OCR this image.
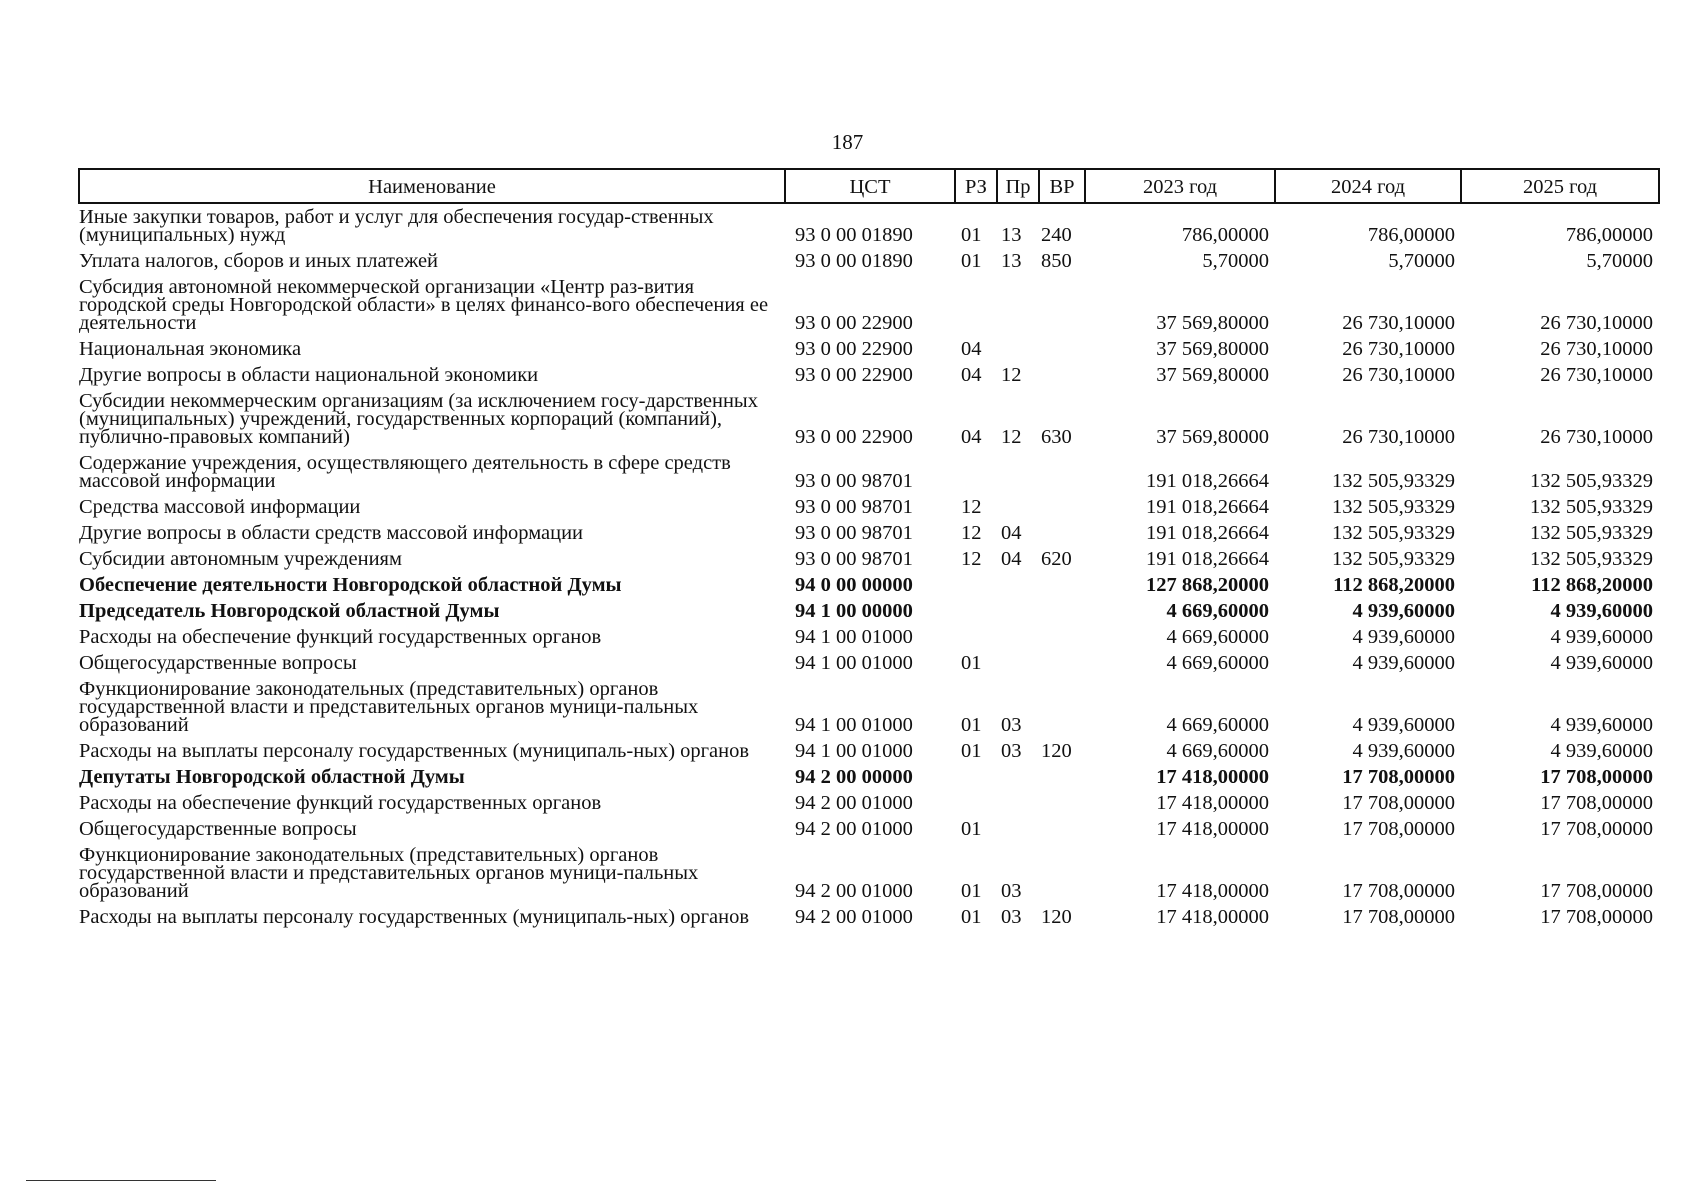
187
Наименование	ЦСТ	РЗ	Пр	ВР	2023 год	2024 год	2025 год
Иные закупки товаров, работ и услуг для обеспечения государ-ственных (муниципальных) нужд	93 0 00 01890	01	13	240	786,00000	786,00000	786,00000
Уплата налогов, сборов и иных платежей	93 0 00 01890	01	13	850	5,70000	5,70000	5,70000
Субсидия автономной некоммерческой организации «Центр раз-вития городской среды Новгородской области» в целях финансо-вого обеспечения ее деятельности	93 0 00 22900				37 569,80000	26 730,10000	26 730,10000
Национальная экономика	93 0 00 22900	04			37 569,80000	26 730,10000	26 730,10000
Другие вопросы в области национальной экономики	93 0 00 22900	04	12		37 569,80000	26 730,10000	26 730,10000
Субсидии некоммерческим организациям (за исключением госу-дарственных (муниципальных) учреждений, государственных корпораций (компаний), публично-правовых компаний)	93 0 00 22900	04	12	630	37 569,80000	26 730,10000	26 730,10000
Содержание учреждения, осуществляющего деятельность в сфере средств массовой информации	93 0 00 98701				191 018,26664	132 505,93329	132 505,93329
Средства массовой информации	93 0 00 98701	12			191 018,26664	132 505,93329	132 505,93329
Другие вопросы в области средств массовой информации	93 0 00 98701	12	04		191 018,26664	132 505,93329	132 505,93329
Субсидии автономным учреждениям	93 0 00 98701	12	04	620	191 018,26664	132 505,93329	132 505,93329
Обеспечение деятельности Новгородской областной Думы	94 0 00 00000				127 868,20000	112 868,20000	112 868,20000
Председатель Новгородской областной Думы	94 1 00 00000				4 669,60000	4 939,60000	4 939,60000
Расходы на обеспечение функций государственных органов	94 1 00 01000				4 669,60000	4 939,60000	4 939,60000
Общегосударственные вопросы	94 1 00 01000	01			4 669,60000	4 939,60000	4 939,60000
Функционирование законодательных (представительных) органов государственной власти и представительных органов муници-пальных образований	94 1 00 01000	01	03		4 669,60000	4 939,60000	4 939,60000
Расходы на выплаты персоналу государственных (муниципаль-ных) органов	94 1 00 01000	01	03	120	4 669,60000	4 939,60000	4 939,60000
Депутаты Новгородской областной Думы	94 2 00 00000				17 418,00000	17 708,00000	17 708,00000
Расходы на обеспечение функций государственных органов	94 2 00 01000				17 418,00000	17 708,00000	17 708,00000
Общегосударственные вопросы	94 2 00 01000	01			17 418,00000	17 708,00000	17 708,00000
Функционирование законодательных (представительных) органов государственной власти и представительных органов муници-пальных образований	94 2 00 01000	01	03		17 418,00000	17 708,00000	17 708,00000
Расходы на выплаты персоналу государственных (муниципаль-ных) органов	94 2 00 01000	01	03	120	17 418,00000	17 708,00000	17 708,00000
